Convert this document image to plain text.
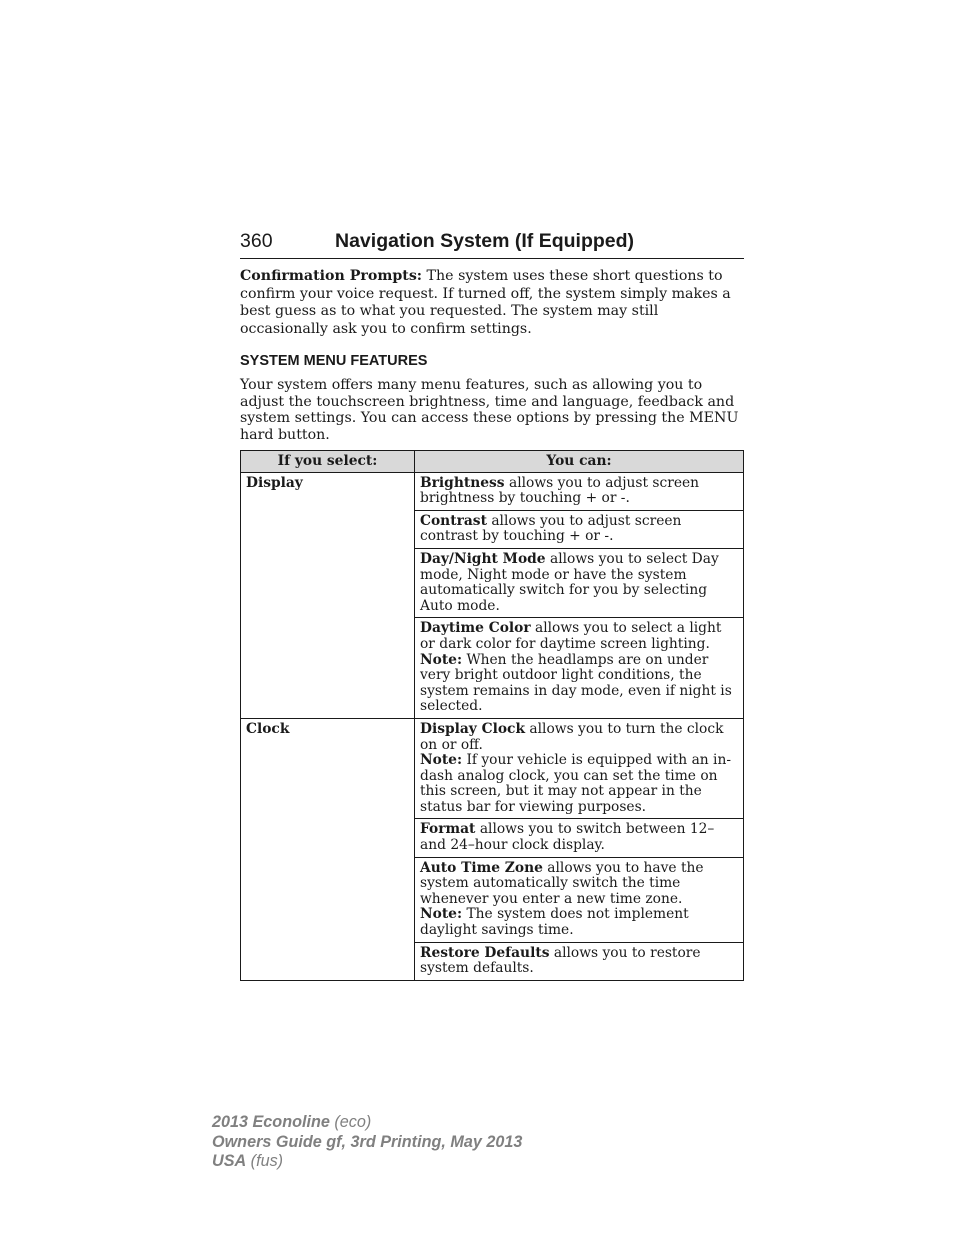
360	Navigation System (If Equipped)
Confirmation Prompts: The system uses these short questions to confirm your voice request. If turned off, the system simply makes a best guess as to what you requested. The system may still occasionally ask you to confirm settings.
SYSTEM MENU FEATURES
Your system offers many menu features, such as allowing you to adjust the touchscreen brightness, time and language, feedback and system settings. You can access these options by pressing the MENU hard button.
If you select:	You can:
Display	Brightness allows you to adjust screen brightness by touching + or -.
	Contrast allows you to adjust screen contrast by touching + or -.
	Day/Night Mode allows you to select Day mode, Night mode or have the system automatically switch for you by selecting Auto mode.
	Daytime Color allows you to select a light or dark color for daytime screen lighting.
Note: When the headlamps are on under very bright outdoor light conditions, the system remains in day mode, even if night is selected.
Clock	Display Clock allows you to turn the clock on or off.
Note: If your vehicle is equipped with an in-dash analog clock, you can set the time on this screen, but it may not appear in the status bar for viewing purposes.
	Format allows you to switch between 12– and 24–hour clock display.
	Auto Time Zone allows you to have the system automatically switch the time whenever you enter a new time zone.
Note: The system does not implement daylight savings time.
	Restore Defaults allows you to restore system defaults.
2013 Econoline (eco)
Owners Guide gf, 3rd Printing, May 2013
USA (fus)
